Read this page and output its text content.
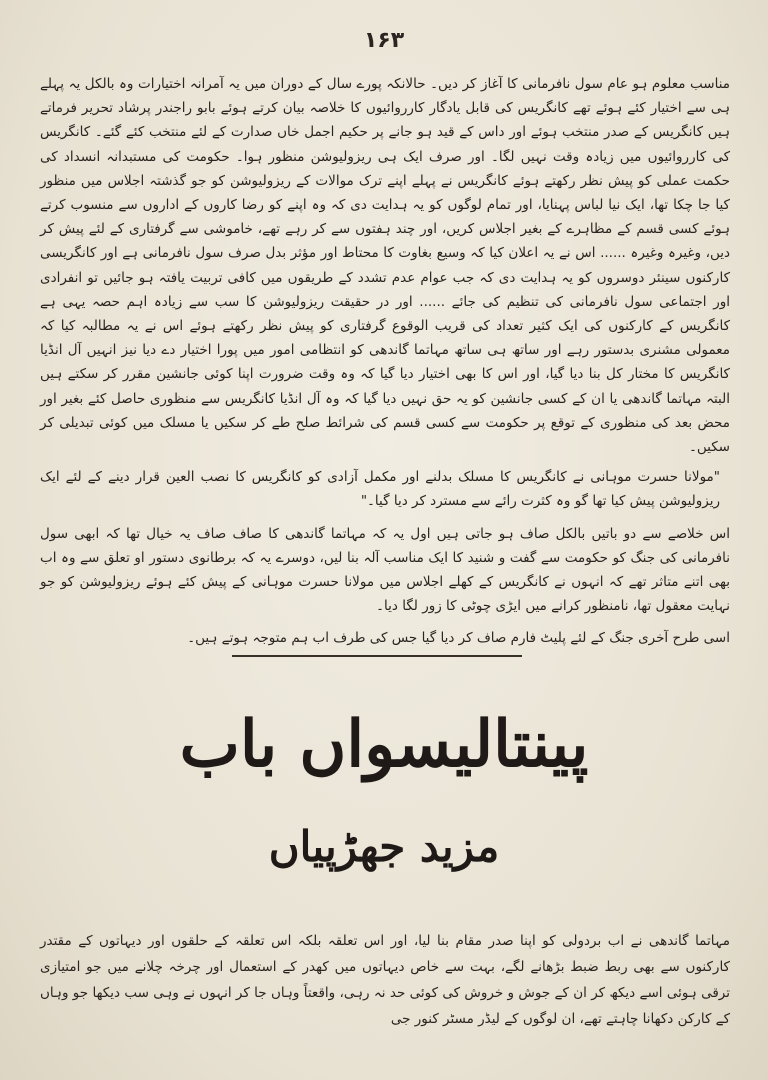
۱۶۳

مناسب معلوم ہو عام سول نافرمانی کا آغاز کر دیں۔ حالانکہ پورے سال کے دوران میں یہ آمرانہ اختیارات وہ بالکل یہ پہلے ہی سے اختیار کئے ہوئے تھے کانگریس کی قابل یادگار کارروائیوں کا خلاصہ بیان کرتے ہوئے بابو راجندر پرشاد تحریر فرماتے ہیں کانگریس کے صدر منتخب ہوئے اور داس کے قید ہو جانے پر حکیم اجمل خاں صدارت کے لئے منتخب کئے گئے۔ کانگریس کی کارروائیوں میں زیادہ وقت نہیں لگا۔ اور صرف ایک ہی ریزولیوشن منظور ہوا۔ حکومت کی مستبدانہ انسداد کی حکمت عملی کو پیش نظر رکھتے ہوئے کانگریس نے پہلے اپنے ترک موالات کے ریزولیوشن کو جو گذشتہ اجلاس میں منظور کیا جا چکا تھا، ایک نیا لباس پہنایا، اور تمام لوگوں کو یہ ہدایت دی کہ وہ اپنے کو رضا کاروں کے اداروں سے منسوب کرتے ہوئے کسی قسم کے مظاہرے کے بغیر اجلاس کریں، اور چند ہفتوں سے کر رہے تھے، خاموشی سے گرفتاری کے لئے پیش کر دیں، وغیرہ وغیرہ ...... اس نے یہ اعلان کیا کہ وسیع بغاوت کا محتاط اور مؤثر بدل صرف سول نافرمانی ہے اور کانگریسی کارکنوں سینئر دوسروں کو یہ ہدایت دی کہ جب عوام عدم تشدد کے طریقوں میں کافی تربیت یافتہ ہو جائیں تو انفرادی اور اجتماعی سول نافرمانی کی تنظیم کی جائے ...... اور در حقیقت ریزولیوشن کا سب سے زیادہ اہم حصہ یہی ہے کانگریس کے کارکنوں کی ایک کثیر تعداد کی قریب الوقوع گرفتاری کو پیش نظر رکھتے ہوئے اس نے یہ مطالبہ کیا کہ معمولی مشنری بدستور رہے اور ساتھ ہی ساتھ مہاتما گاندھی کو انتظامی امور میں پورا اختیار دے دیا نیز انہیں آل انڈیا کانگریس کا مختار کل بنا دیا گیا، اور اس کا بھی اختیار دیا گیا کہ وہ وقت ضرورت اپنا کوئی جانشین مقرر کر سکتے ہیں البتہ مہاتما گاندھی یا ان کے کسی جانشین کو یہ حق نہیں دیا گیا کہ وہ آل انڈیا کانگریس سے منظوری حاصل کئے بغیر اور محض بعد کی منظوری کے توقع پر حکومت سے کسی قسم کی شرائط صلح طے کر سکیں یا مسلک میں کوئی تبدیلی کر سکیں۔

"مولانا حسرت موہانی نے کانگریس کا مسلک بدلنے اور مکمل آزادی کو کانگریس کا نصب العین قرار دینے کے لئے ایک ریزولیوشن پیش کیا تھا گو وہ کثرت رائے سے مسترد کر دیا گیا۔"

اس خلاصے سے دو باتیں بالکل صاف ہو جاتی ہیں اول یہ کہ مہاتما گاندھی کا صاف صاف یہ خیال تھا کہ ابھی سول نافرمانی کی جنگ کو حکومت سے گفت و شنید کا ایک مناسب آلہ بنا لیں، دوسرے یہ کہ برطانوی دستور او تعلق سے وہ اب بھی اتنے متاثر تھے کہ انہوں نے کانگریس کے کھلے اجلاس میں مولانا حسرت موہانی کے پیش کئے ہوئے ریزولیوشن کو جو نہایت معقول تھا، نامنظور کرانے میں ایڑی چوٹی کا زور لگا دیا۔

اسی طرح آخری جنگ کے لئے پلیٹ فارم صاف کر دیا گیا جس کی طرف اب ہم متوجہ ہوتے ہیں۔

پینتالیسواں باب
مزید جھڑپیاں
مہاتما گاندھی نے اب بردولی کو اپنا صدر مقام بنا لیا، اور اس تعلقہ بلکہ اس تعلقہ کے حلقوں اور دیہاتوں کے مقتدر کارکنوں سے بھی ربط ضبط بڑھانے لگے، بہت سے خاص دیہاتوں میں کھدر کے استعمال اور چرخہ چلانے میں جو امتیازی ترقی ہوئی اسے دیکھ کر ان کے جوش و خروش کی کوئی حد نہ رہی، واقعتاً وہاں جا کر انہوں نے وہی سب دیکھا جو وہاں کے کارکن دکھانا چاہتے تھے، ان لوگوں کے لیڈر مسٹر کنور جی
